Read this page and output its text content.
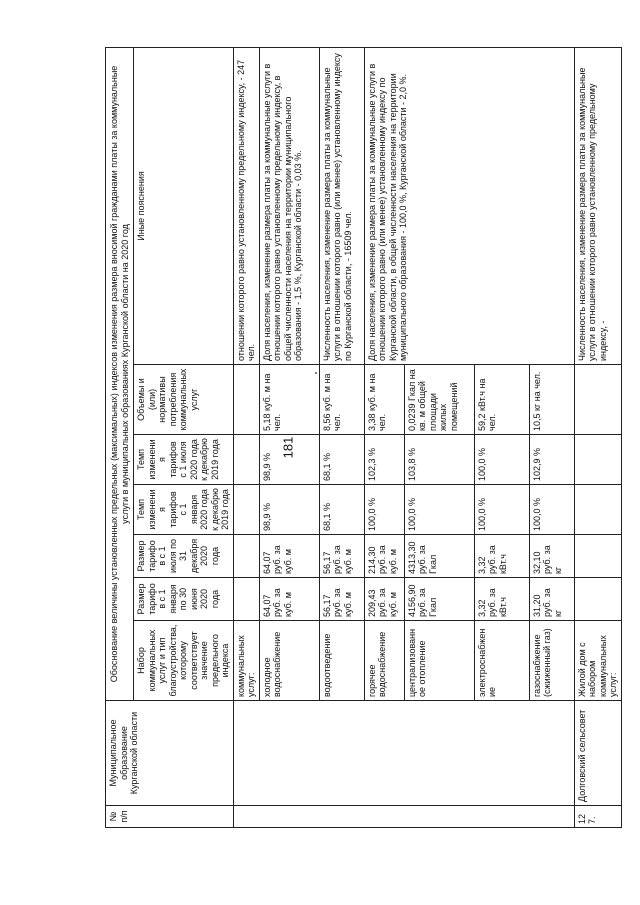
181
№ п/п	Муниципальное образование Курганской области	Обоснование величины установленных предельных (максимальных) индексов изменения размера вносимой гражданами платы за коммунальные услуги в муниципальных образованиях Курганской области на 2020 год						
		Набор коммунальных услуг и тип благоустройства, которому соответствует значение предельного индекса	Размер тарифов с 1 января по 30 июня 2020 года	Размер тарифов с 1 июля по 31 декабря 2020 года	Темп изменения тарифов с 1 января 2020 года к декабрю 2019 года	Темп изменения тарифов с 1 июля 2020 года к декабрю 2019 года	Объемы и (или) нормативы потребления коммунальных услуг	Иные пояснения
		коммунальных услуг:						отношении которого равно установленному предельному индексу, - 247 чел.
		холодное водоснабжение	64,07 руб. за куб. м	64,07 руб. за куб. м	98,9 %	98,9 %	5,18 куб. м на чел.	Доля населения, изменение размера платы за коммунальные услуги в отношении которого равно установленному предельному индексу, в общей численности населения на территории муниципального образования - 1,5 %, Курганской области - 0,03 %.
		водоотведение	56,17 руб. за куб. м	56,17 руб. за куб. м	68,1 %	68,1 %	8,56 куб. м на чел.	Численность населения, изменение размера платы за коммунальные услуги в отношении которого равно (или менее) установленному индексу по Курганской области, - 16509 чел.
		горячее водоснабжение	209,43 руб. за куб. м	214,30 руб. за куб. м	100,0 %	102,3 %	3,38 куб. м на чел.	Доля населения, изменение размера платы за коммунальные услуги в отношении которого равно (или менее) установленному индексу по Курганской области, в общей численности населения на территории муниципального образования - 100,0 %, Курганской области - 2,0 %.
		централизованное отопление	4156,90 руб. за Гкал	4313,30 руб. за Гкал	100,0 %	103,8 %	0,0239 Гкал на кв. м общей площади жилых помещений	
		электроснабжение	3,32 руб. за кВт.ч	3,32 руб. за кВт.ч	100,0 %	100,0 %	59,2 кВт.ч на чел.	
		газоснабжение (сжиженный газ)	31,20 руб. за кг	32,10 руб. за кг	100,0 %	102,9 %	10,5 кг на чел.	
127.	Долговский сельсовет	Жилой дом с набором коммунальных услуг:						Численность населения, изменение размера платы за коммунальные услуги в отношении которого равно установленному предельному индексу, -
